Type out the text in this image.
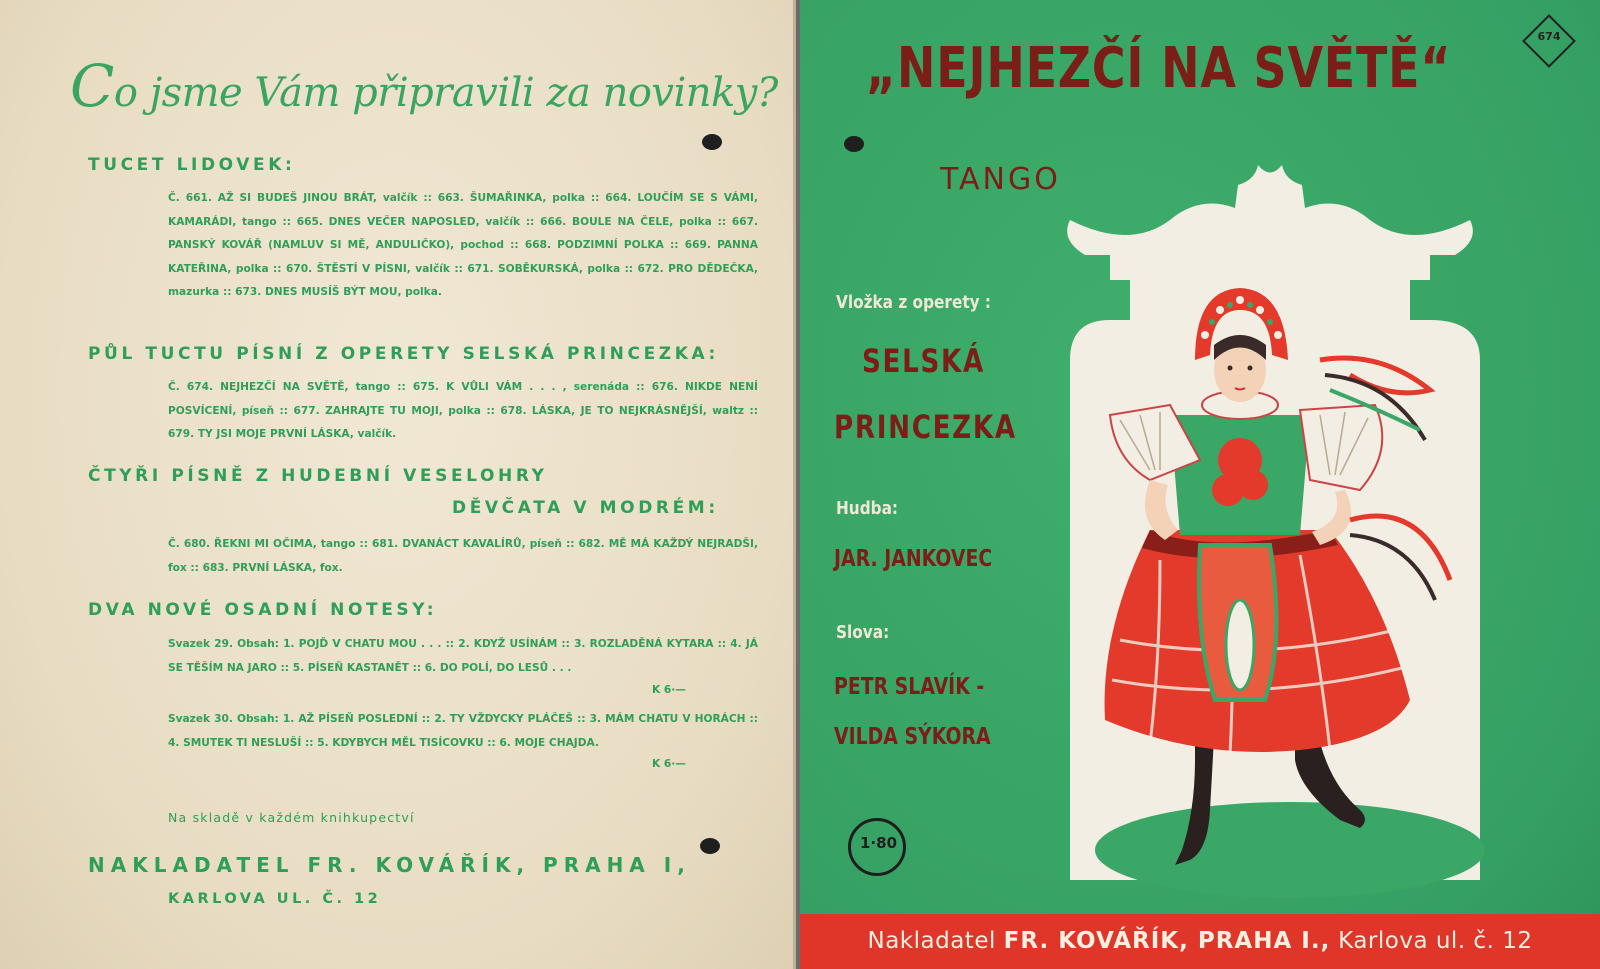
Co jsme Vám připravili za novinky?
TUCET LIDOVEK:
Č. 661. AŽ SI BUDEŠ JINOU BRÁT, valčík :: 663. ŠUMAŘINKA, polka :: 664. LOUČÍM SE S VÁMI, KAMARÁDI, tango :: 665. DNES VEČER NAPOSLED, valčík :: 666. BOULE NA ČELE, polka :: 667. PANSKÝ KOVÁŘ (NAMLUV SI MĚ, ANDULIČKO), pochod :: 668. PODZIMNÍ POLKA :: 669. PANNA KATEŘINA, polka :: 670. ŠTĚSTÍ V PÍSNI, valčík :: 671. SOBĚKURSKÁ, polka :: 672. PRO DĚDEČKA, mazurka :: 673. DNES MUSÍŠ BÝT MOU, polka.
PŮL TUCTU PÍSNÍ Z OPERETY SELSKÁ PRINCEZKA:
Č. 674. NEJHEZČÍ NA SVĚTĚ, tango :: 675. K VŮLI VÁM . . . , serenáda :: 676. NIKDE NENÍ POSVÍCENÍ, píseň :: 677. ZAHRAJTE TU MOJI, polka :: 678. LÁSKA, JE TO NEJKRÁSNĚJŠÍ, waltz :: 679. TY JSI MOJE PRVNÍ LÁSKA, valčík.
ČTYŘI PÍSNĚ Z HUDEBNÍ VESELOHRY
DĚVČATA V MODRÉM:
Č. 680. ŘEKNI MI OČIMA, tango :: 681. DVANÁCT KAVALÍRŮ, píseň :: 682. MĚ MÁ KAŽDÝ NEJRADŠI, fox :: 683. PRVNÍ LÁSKA, fox.
DVA NOVÉ OSADNÍ NOTESY:
Svazek 29. Obsah: 1. POJĎ V CHATU MOU . . . :: 2. KDYŽ USÍNÁM :: 3. ROZLADĚNÁ KYTARA :: 4. JÁ SE TĚŠÍM NA JARO :: 5. PÍSEŇ KASTANĚT :: 6. DO POLÍ, DO LESŮ . . .
K 6·—
Svazek 30. Obsah: 1. AŽ PÍSEŇ POSLEDNÍ :: 2. TY VŽDYCKY PLÁČEŠ :: 3. MÁM CHATU V HORÁCH :: 4. SMUTEK TI NESLUŠÍ :: 5. KDYBYCH MĚL TISÍCOVKU :: 6. MOJE CHAJDA.
K 6·—
Na skladě v každém knihkupectví
NAKLADATEL FR. KOVÁŘÍK, PRAHA I,
KARLOVA UL. Č. 12
„NEJHEZČÍ NA SVĚTĚ“	674
TANGO
Vložka z operety :
SELSKÁ
PRINCEZKA
Hudba:
JAR. JANKOVEC
Slova:
PETR SLAVÍK -
VILDA SÝKORA
1·80
Nakladatel FR. KOVÁŘÍK, PRAHA I., Karlova ul. č. 12
